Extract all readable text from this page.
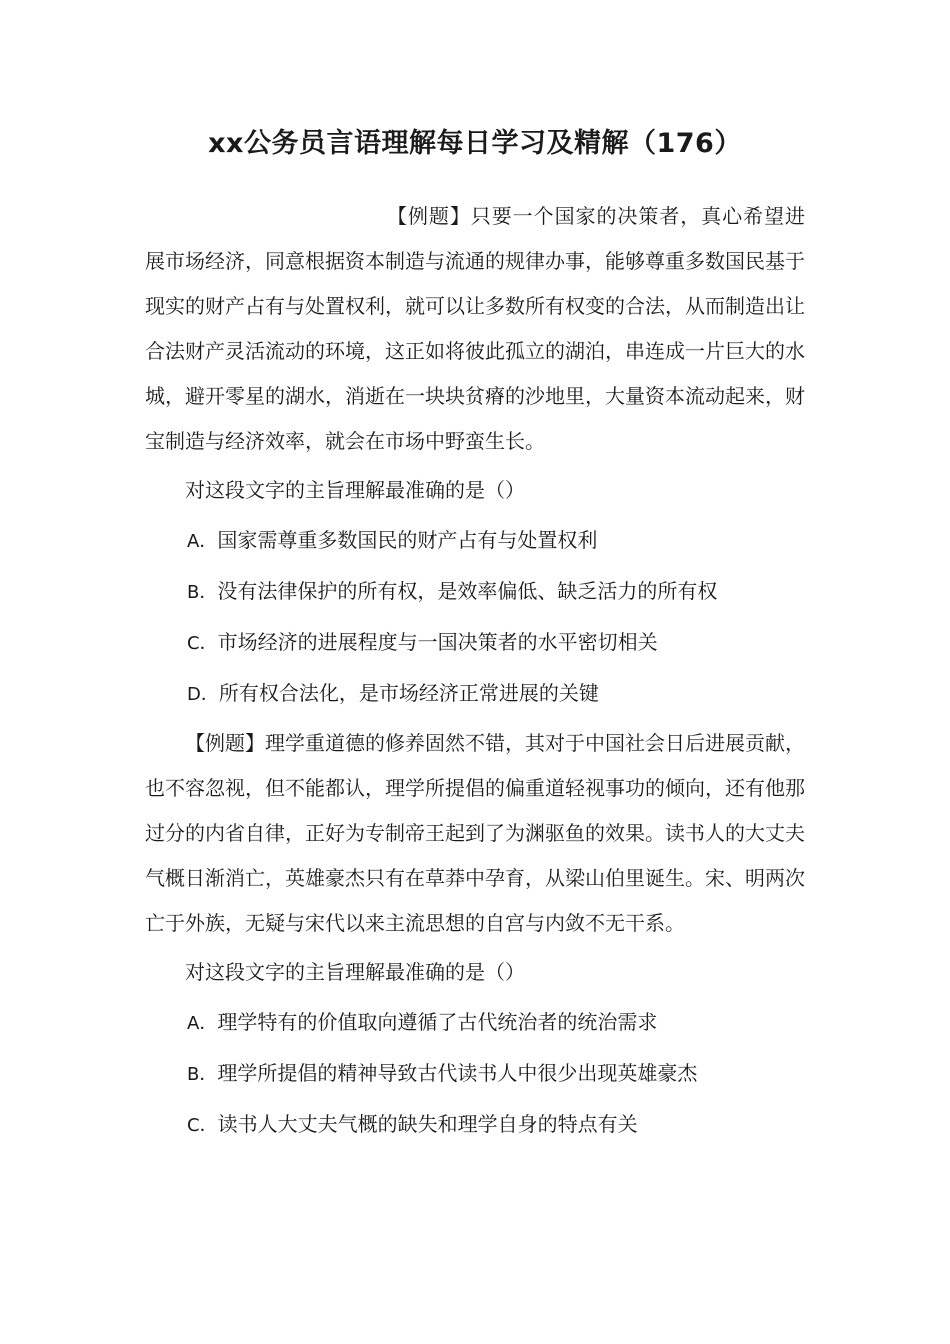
xx公务员言语理解每日学习及精解（176）

【例题】只要一个国家的决策者，真心希望进展市场经济，同意根据资本制造与流通的规律办事，能够尊重多数国民基于现实的财产占有与处置权利，就可以让多数所有权变的合法，从而制造出让合法财产灵活流动的环境，这正如将彼此孤立的湖泊，串连成一片巨大的水城，避开零星的湖水，消逝在一块块贫瘠的沙地里，大量资本流动起来，财宝制造与经济效率，就会在市场中野蛮生长。

对这段文字的主旨理解最准确的是（）

A．国家需尊重多数国民的财产占有与处置权利

B．没有法律保护的所有权，是效率偏低、缺乏活力的所有权

C．市场经济的进展程度与一国决策者的水平密切相关

D．所有权合法化，是市场经济正常进展的关键

【例题】理学重道德的修养固然不错，其对于中国社会日后进展贡献，也不容忽视，但不能都认，理学所提倡的偏重道轻视事功的倾向，还有他那过分的内省自律，正好为专制帝王起到了为渊驱鱼的效果。读书人的大丈夫气概日渐消亡，英雄豪杰只有在草莽中孕育，从梁山伯里诞生。宋、明两次亡于外族，无疑与宋代以来主流思想的自宫与内敛不无干系。

对这段文字的主旨理解最准确的是（）

A．理学特有的价值取向遵循了古代统治者的统治需求

B．理学所提倡的精神导致古代读书人中很少出现英雄豪杰

C．读书人大丈夫气概的缺失和理学自身的特点有关
